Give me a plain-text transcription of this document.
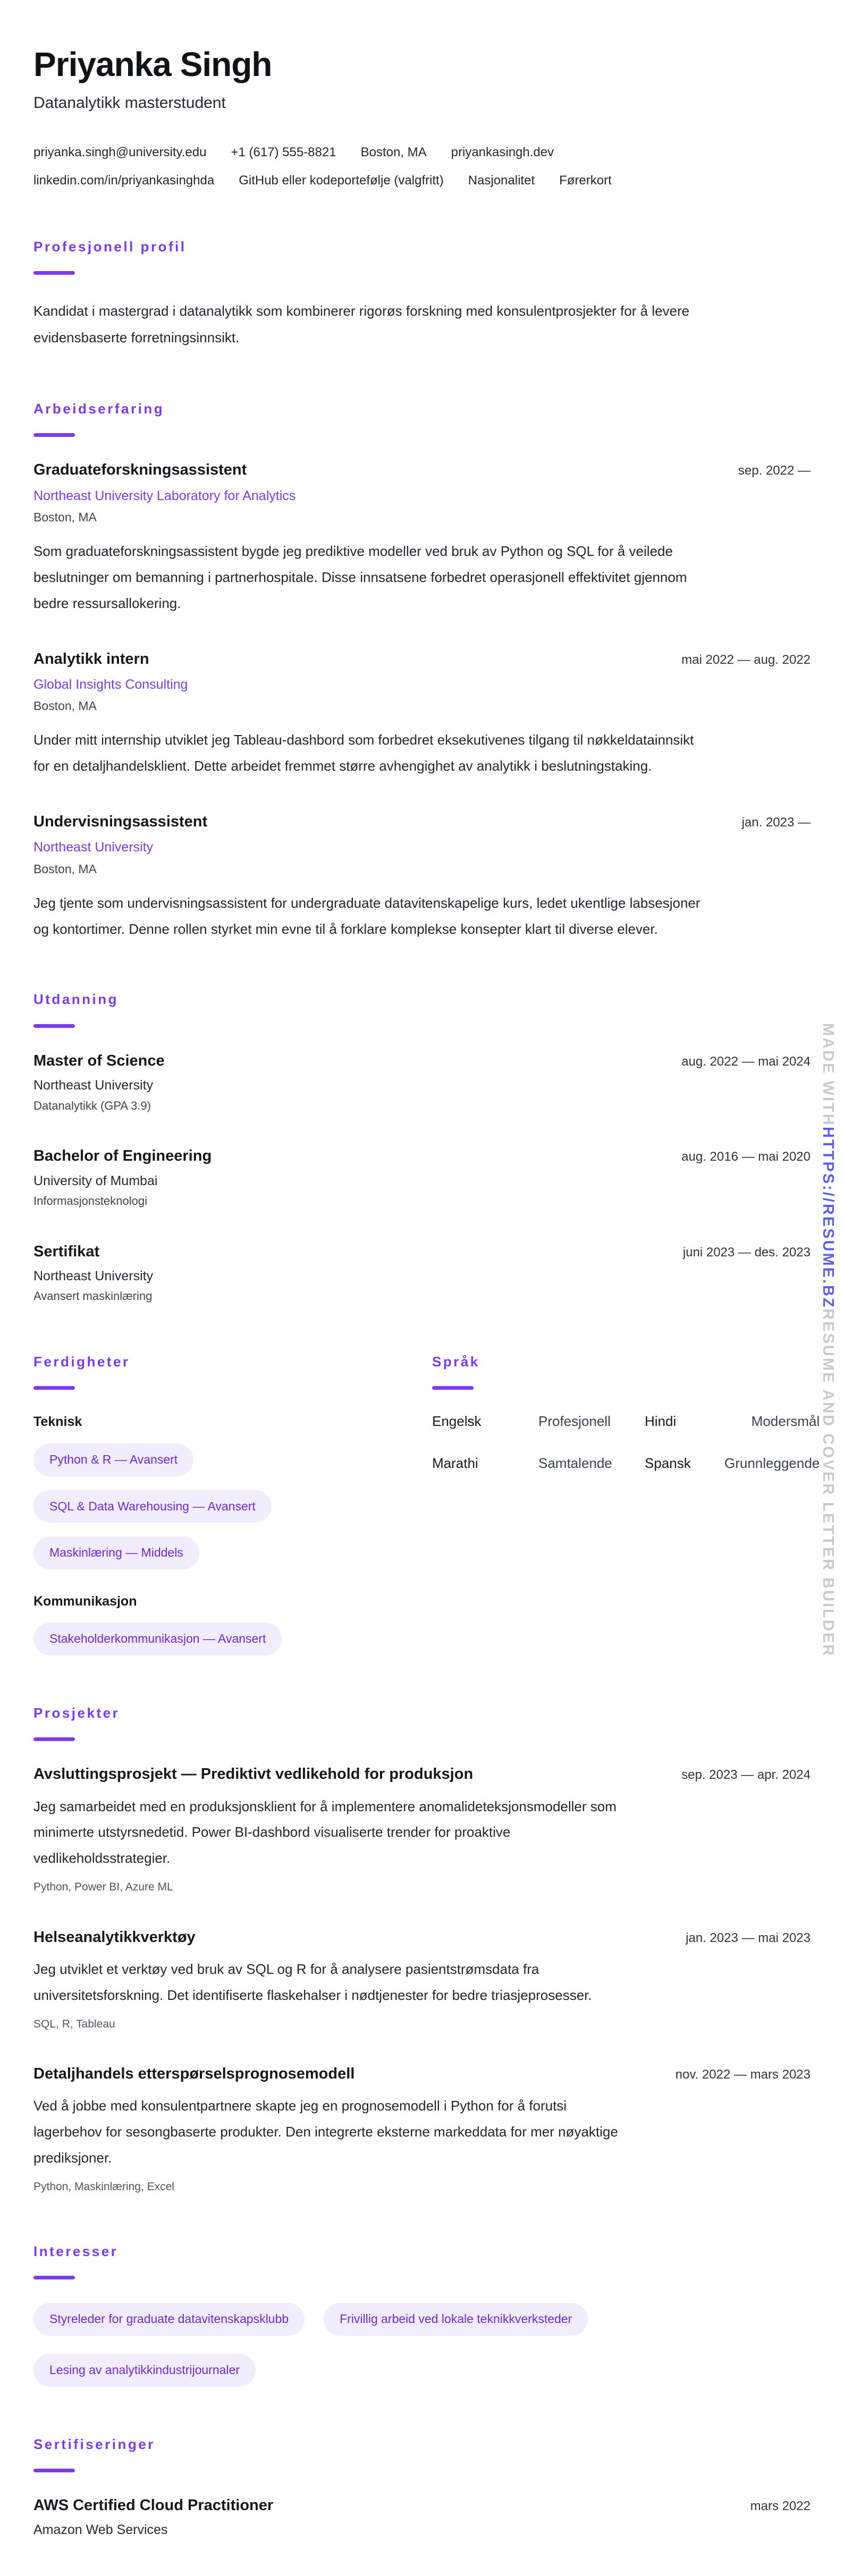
Priyanka Singh
Datanalytikk masterstudent
priyanka.singh@university.edu +1 (617) 555-8821 Boston, MA priyankasingh.dev
linkedin.com/in/priyankasinghda GitHub eller kodeportefølje (valgfritt) Nasjonalitet Førerkort
Profesjonell profil

Kandidat i mastergrad i datanalytikk som kombinerer rigorøs forskning med konsulentprosjekter for å levere evidensbaserte forretningsinnsikt.

Arbeidserfaring
Graduateforskningsassistent	sep. 2022 —
Northeast University Laboratory for Analytics
Boston, MA

Som graduateforskningsassistent bygde jeg prediktive modeller ved bruk av Python og SQL for å veilede beslutninger om bemanning i partnerhospitale. Disse innsatsene forbedret operasjonell effektivitet gjennom bedre ressursallokering.

Analytikk intern	mai 2022 — aug. 2022
Global Insights Consulting
Boston, MA

Under mitt internship utviklet jeg Tableau-dashbord som forbedret eksekutivenes tilgang til nøkkeldatainnsikt for en detaljhandelsklient. Dette arbeidet fremmet større avhengighet av analytikk i beslutningstaking.

Undervisningsassistent	jan. 2023 —
Northeast University
Boston, MA

Jeg tjente som undervisningsassistent for undergraduate datavitenskapelige kurs, ledet ukentlige labsesjoner og kontortimer. Denne rollen styrket min evne til å forklare komplekse konsepter klart til diverse elever.

Utdanning
Master of Science	aug. 2022 — mai 2024
Northeast University
Datanalytikk (GPA 3.9)
Bachelor of Engineering	aug. 2016 — mai 2020
University of Mumbai
Informasjonsteknologi
Sertifikat	juni 2023 — des. 2023
Northeast University
Avansert maskinlæring
Ferdigheter
Teknisk
Python & R — Avansert
SQL & Data Warehousing — Avansert
Maskinlæring — Middels
Kommunikasjon
Stakeholderkommunikasjon — Avansert
Språk
Engelsk	Profesjonell	Hindi	Modersmål
Marathi	Samtalende	Spansk	Grunnleggende
Prosjekter
Avsluttingsprosjekt — Prediktivt vedlikehold for produksjon	sep. 2023 — apr. 2024

Jeg samarbeidet med en produksjonsklient for å implementere anomalideteksjonsmodeller som minimerte utstyrsnedetid. Power BI-dashbord visualiserte trender for proaktive vedlikeholdsstrategier.

Python, Power BI, Azure ML
Helseanalytikkverktøy	jan. 2023 — mai 2023

Jeg utviklet et verktøy ved bruk av SQL og R for å analysere pasientstrømsdata fra universitetsforskning. Det identifiserte flaskehalser i nødtjenester for bedre triasjeprosesser.

SQL, R, Tableau
Detaljhandels etterspørselsprognosemodell	nov. 2022 — mars 2023

Ved å jobbe med konsulentpartnere skapte jeg en prognosemodell i Python for å forutsi lagerbehov for sesongbaserte produkter. Den integrerte eksterne markeddata for mer nøyaktige prediksjoner.

Python, Maskinlæring, Excel
Interesser
Styreleder for graduate datavitenskapsklubb	Frivillig arbeid ved lokale teknikkverksteder
Lesing av analytikkindustrijournaler
Sertifiseringer
AWS Certified Cloud Practitioner	mars 2022
Amazon Web Services
MADE WITHHTTPS://RESUME.BZRESUME AND COVER LETTER BUILDER
